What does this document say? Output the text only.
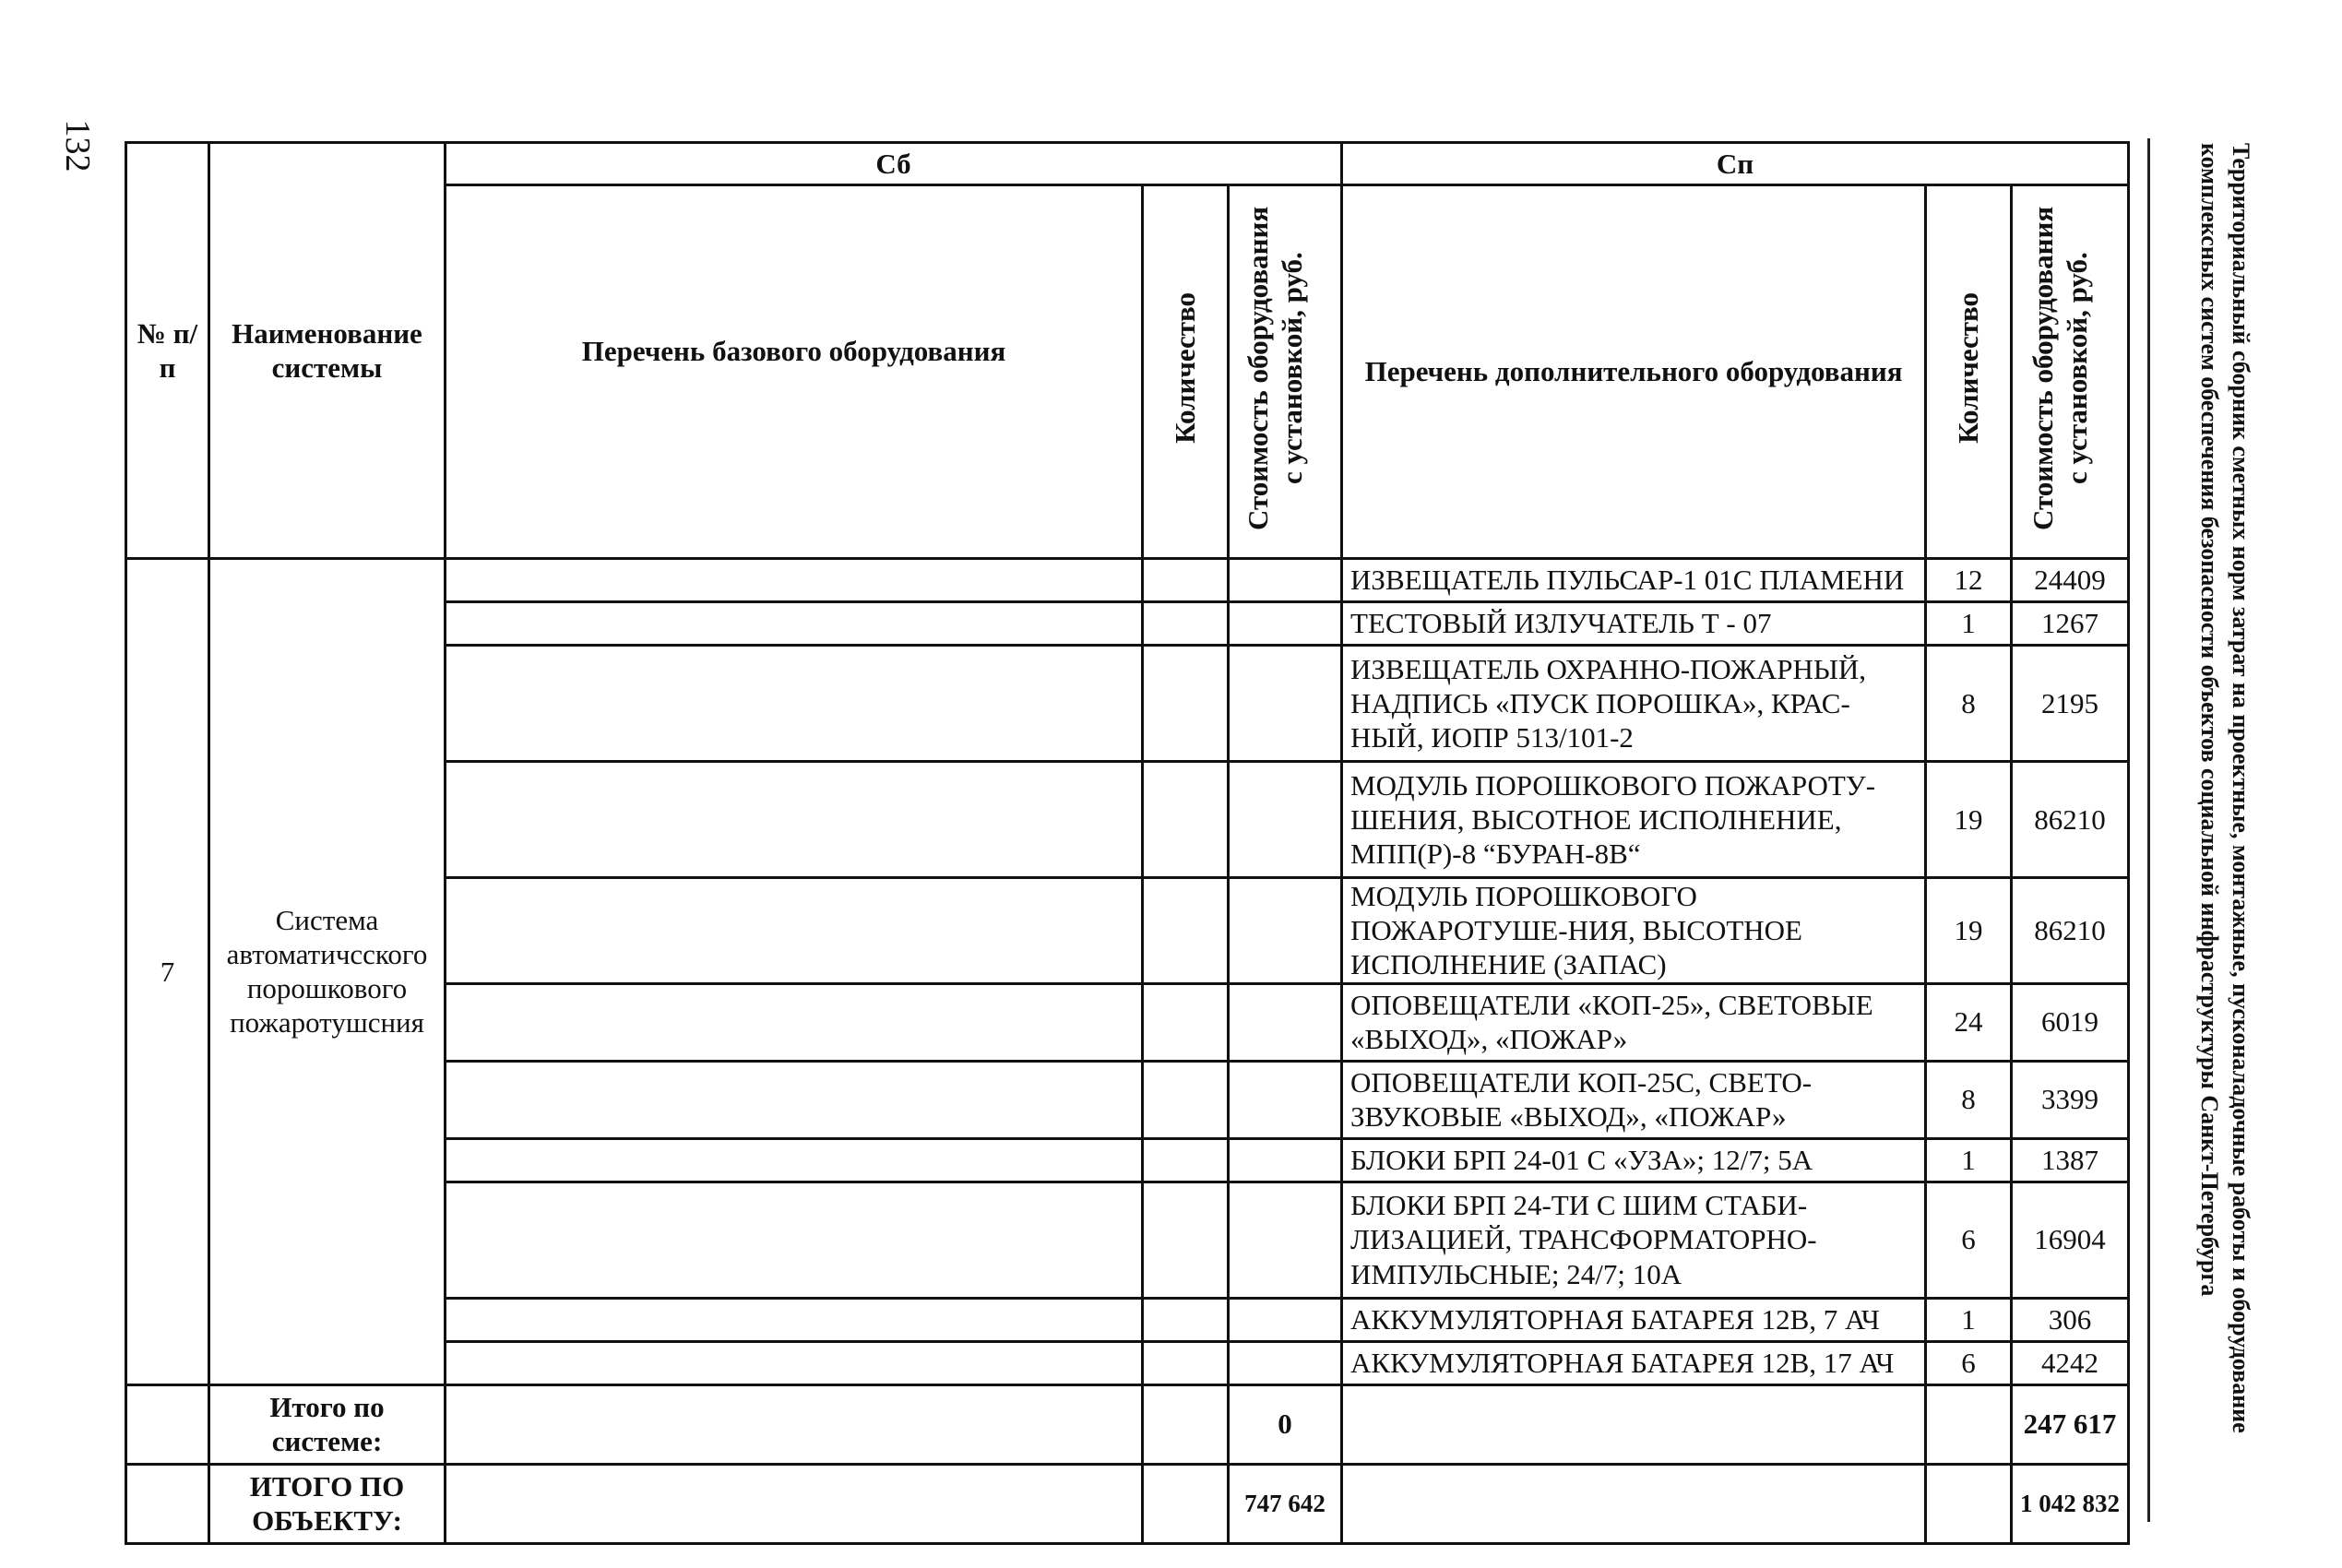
132	Территориальный сборник сметных норм затрат на проектные, монтажные, пусконаладочные работы и оборудование
комплексных систем обеспечения безопасности объектов социальной инфраструктуры Санкт-Петербурга
№ п/п	Наименование системы	Сб			Сп		
		Перечень базового оборудования	Количество	Стоимость оборудования с установкой, руб.	Перечень дополнительного оборудования	Количество	Стоимость оборудования с установкой, руб.
7	Система автоматичсского порошкового пожаротушсния				ИЗВЕЩАТЕЛЬ ПУЛЬСАР-1 01С ПЛАМЕНИ	12	24409
					ТЕСТОВЫЙ ИЗЛУЧАТЕЛЬ Т - 07	1	1267
					ИЗВЕЩАТЕЛЬ ОХРАННО-ПОЖАРНЫЙ, НАДПИСЬ «ПУСК ПОРОШКА», КРАС-НЫЙ, ИОПР 513/101-2	8	2195
					МОДУЛЬ ПОРОШКОВОГО ПОЖАРОТУ-ШЕНИЯ, ВЫСОТНОЕ ИСПОЛНЕНИЕ, МПП(Р)-8 “БУРАН-8В“	19	86210
					МОДУЛЬ ПОРОШКОВОГО ПОЖАРОТУШЕ-НИЯ, ВЫСОТНОЕ ИСПОЛНЕНИЕ (ЗАПАС)	19	86210
					ОПОВЕЩАТЕЛИ «КОП-25», СВЕТОВЫЕ «ВЫХОД», «ПОЖАР»	24	6019
					ОПОВЕЩАТЕЛИ КОП-25С, СВЕТО-ЗВУКОВЫЕ «ВЫХОД», «ПОЖАР»	8	3399
					БЛОКИ БРП 24-01 С «УЗА»; 12/7; 5А	1	1387
					БЛОКИ БРП 24-ТИ С ШИМ СТАБИ-ЛИЗАЦИЕЙ, ТРАНСФОРМАТОРНО-ИМПУЛЬСНЫЕ; 24/7; 10А	6	16904
					АККУМУЛЯТОРНАЯ БАТАРЕЯ 12В, 7 АЧ	1	306
					АККУМУЛЯТОРНАЯ БАТАРЕЯ 12В, 17 АЧ	6	4242
	Итого по системе:			0			247 617
	ИТОГО ПО ОБЪЕКТУ:			747 642			1 042 832
